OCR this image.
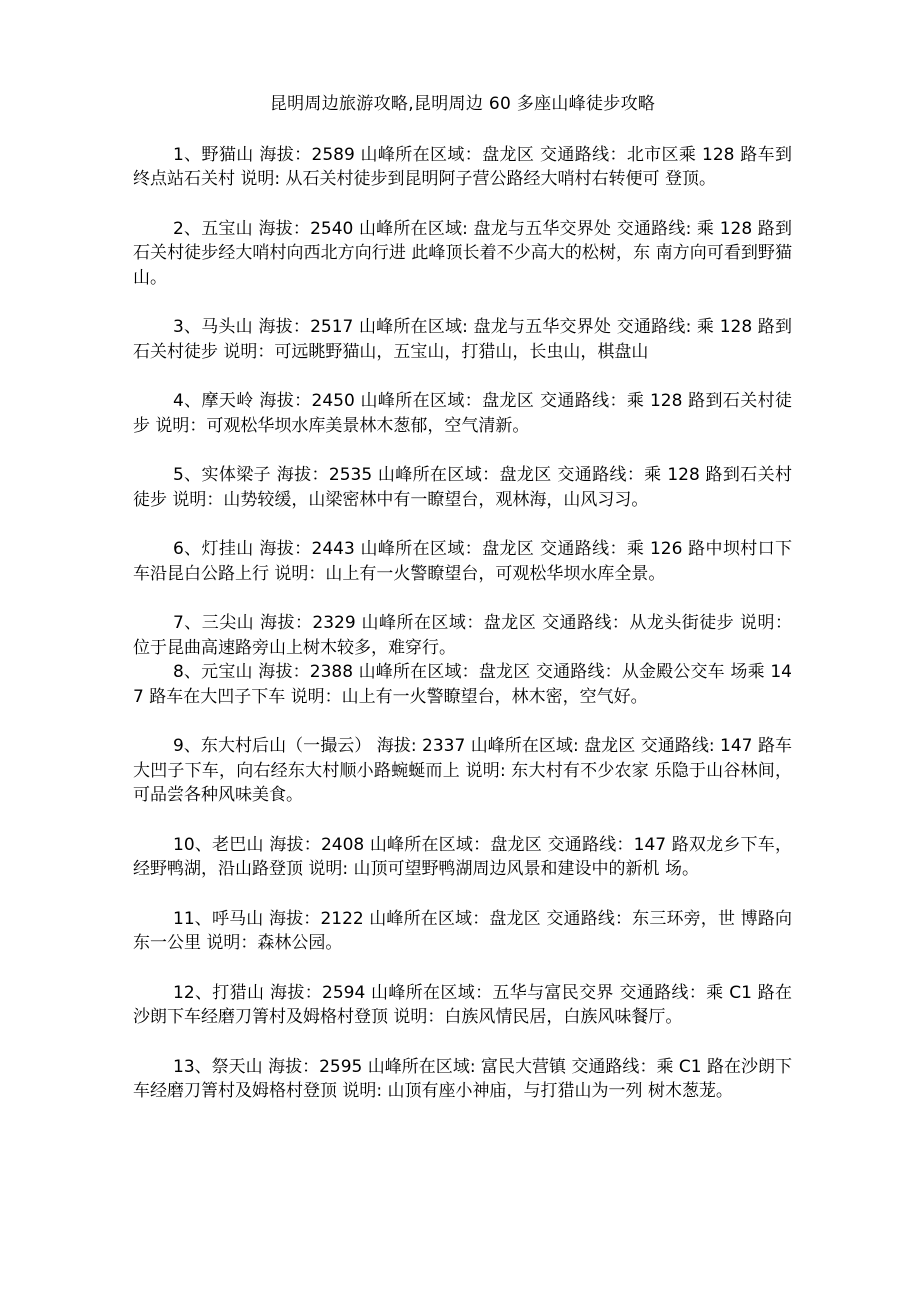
昆明周边旅游攻略,昆明周边 60 多座山峰徒步攻略

1、野猫山 海拔：2589 山峰所在区域：盘龙区 交通路线：北市区乘 128 路车到终点站石关村 说明: 从石关村徒步到昆明阿子营公路经大哨村右转便可 登顶。

2、五宝山 海拔：2540 山峰所在区域: 盘龙与五华交界处 交通路线: 乘 128 路到石关村徒步经大哨村向西北方向行进 此峰顶长着不少高大的松树，东 南方向可看到野猫山。

3、马头山 海拔：2517 山峰所在区域: 盘龙与五华交界处 交通路线: 乘 128 路到石关村徒步 说明：可远眺野猫山，五宝山，打猎山，长虫山，棋盘山

4、摩天岭 海拔：2450 山峰所在区域：盘龙区 交通路线：乘 128 路到石关村徒步 说明：可观松华坝水库美景林木葱郁，空气清新。

5、实体梁子 海拔：2535 山峰所在区域：盘龙区 交通路线：乘 128 路到石关村徒步 说明：山势较缓，山梁密林中有一瞭望台，观林海，山风习习。

6、灯挂山 海拔：2443 山峰所在区域：盘龙区 交通路线：乘 126 路中坝村口下车沿昆白公路上行 说明：山上有一火警瞭望台，可观松华坝水库全景。

7、三尖山 海拔：2329 山峰所在区域：盘龙区 交通路线：从龙头街徒步 说明：位于昆曲高速路旁山上树木较多，难穿行。

8、元宝山 海拔：2388 山峰所在区域：盘龙区 交通路线：从金殿公交车 场乘 147 路车在大凹子下车 说明：山上有一火警瞭望台，林木密，空气好。

9、东大村后山（一撮云） 海拔: 2337 山峰所在区域: 盘龙区 交通路线: 147 路车大凹子下车，向右经东大村顺小路蜿蜒而上 说明: 东大村有不少农家 乐隐于山谷林间，可品尝各种风味美食。

10、老巴山 海拔：2408 山峰所在区域：盘龙区 交通路线：147 路双龙乡下车，经野鸭湖，沿山路登顶 说明: 山顶可望野鸭湖周边风景和建设中的新机 场。

11、呼马山 海拔：2122 山峰所在区域：盘龙区 交通路线：东三环旁，世 博路向东一公里 说明：森林公园。

12、打猎山 海拔：2594 山峰所在区域：五华与富民交界 交通路线：乘 C1 路在沙朗下车经磨刀箐村及姆格村登顶 说明：白族风情民居，白族风味餐厅。

13、祭天山 海拔：2595 山峰所在区域: 富民大营镇 交通路线：乘 C1 路在沙朗下车经磨刀箐村及姆格村登顶 说明: 山顶有座小神庙，与打猎山为一列 树木葱茏。
